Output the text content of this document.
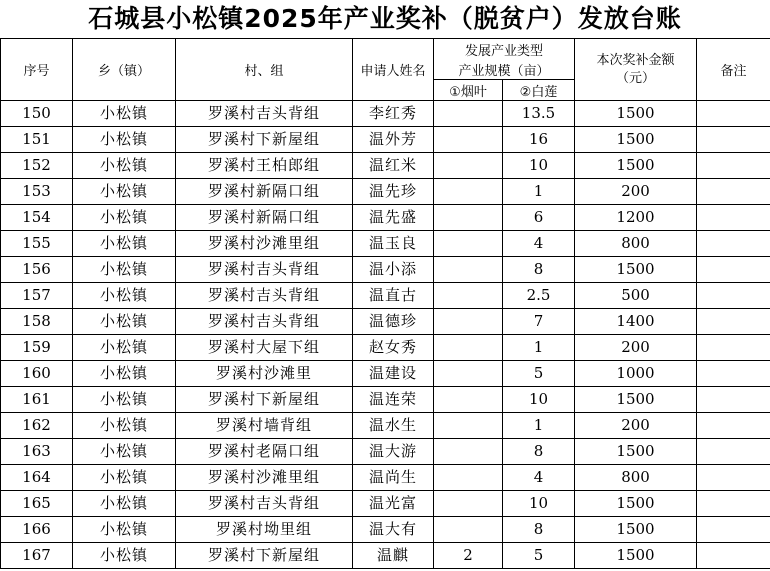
石城县小松镇2025年产业奖补（脱贫户）发放台账
序号	乡（镇）	村、组	申请人姓名	发展产业类型		本次奖补金额（元）	备注
				产业规模（亩）			
				①烟叶	②白莲		
150	小松镇	罗溪村吉头背组	李红秀		13.5	1500	
151	小松镇	罗溪村下新屋组	温外芳		16	1500	
152	小松镇	罗溪村王柏郎组	温红米		10	1500	
153	小松镇	罗溪村新隔口组	温先珍		1	200	
154	小松镇	罗溪村新隔口组	温先盛		6	1200	
155	小松镇	罗溪村沙滩里组	温玉良		4	800	
156	小松镇	罗溪村吉头背组	温小添		8	1500	
157	小松镇	罗溪村吉头背组	温直古		2.5	500	
158	小松镇	罗溪村吉头背组	温德珍		7	1400	
159	小松镇	罗溪村大屋下组	赵女秀		1	200	
160	小松镇	罗溪村沙滩里	温建设		5	1000	
161	小松镇	罗溪村下新屋组	温连荣		10	1500	
162	小松镇	罗溪村墙背组	温水生		1	200	
163	小松镇	罗溪村老隔口组	温大游		8	1500	
164	小松镇	罗溪村沙滩里组	温尚生		4	800	
165	小松镇	罗溪村吉头背组	温光富		10	1500	
166	小松镇	罗溪村坳里组	温大有		8	1500	
167	小松镇	罗溪村下新屋组	温麒	2	5	1500	
